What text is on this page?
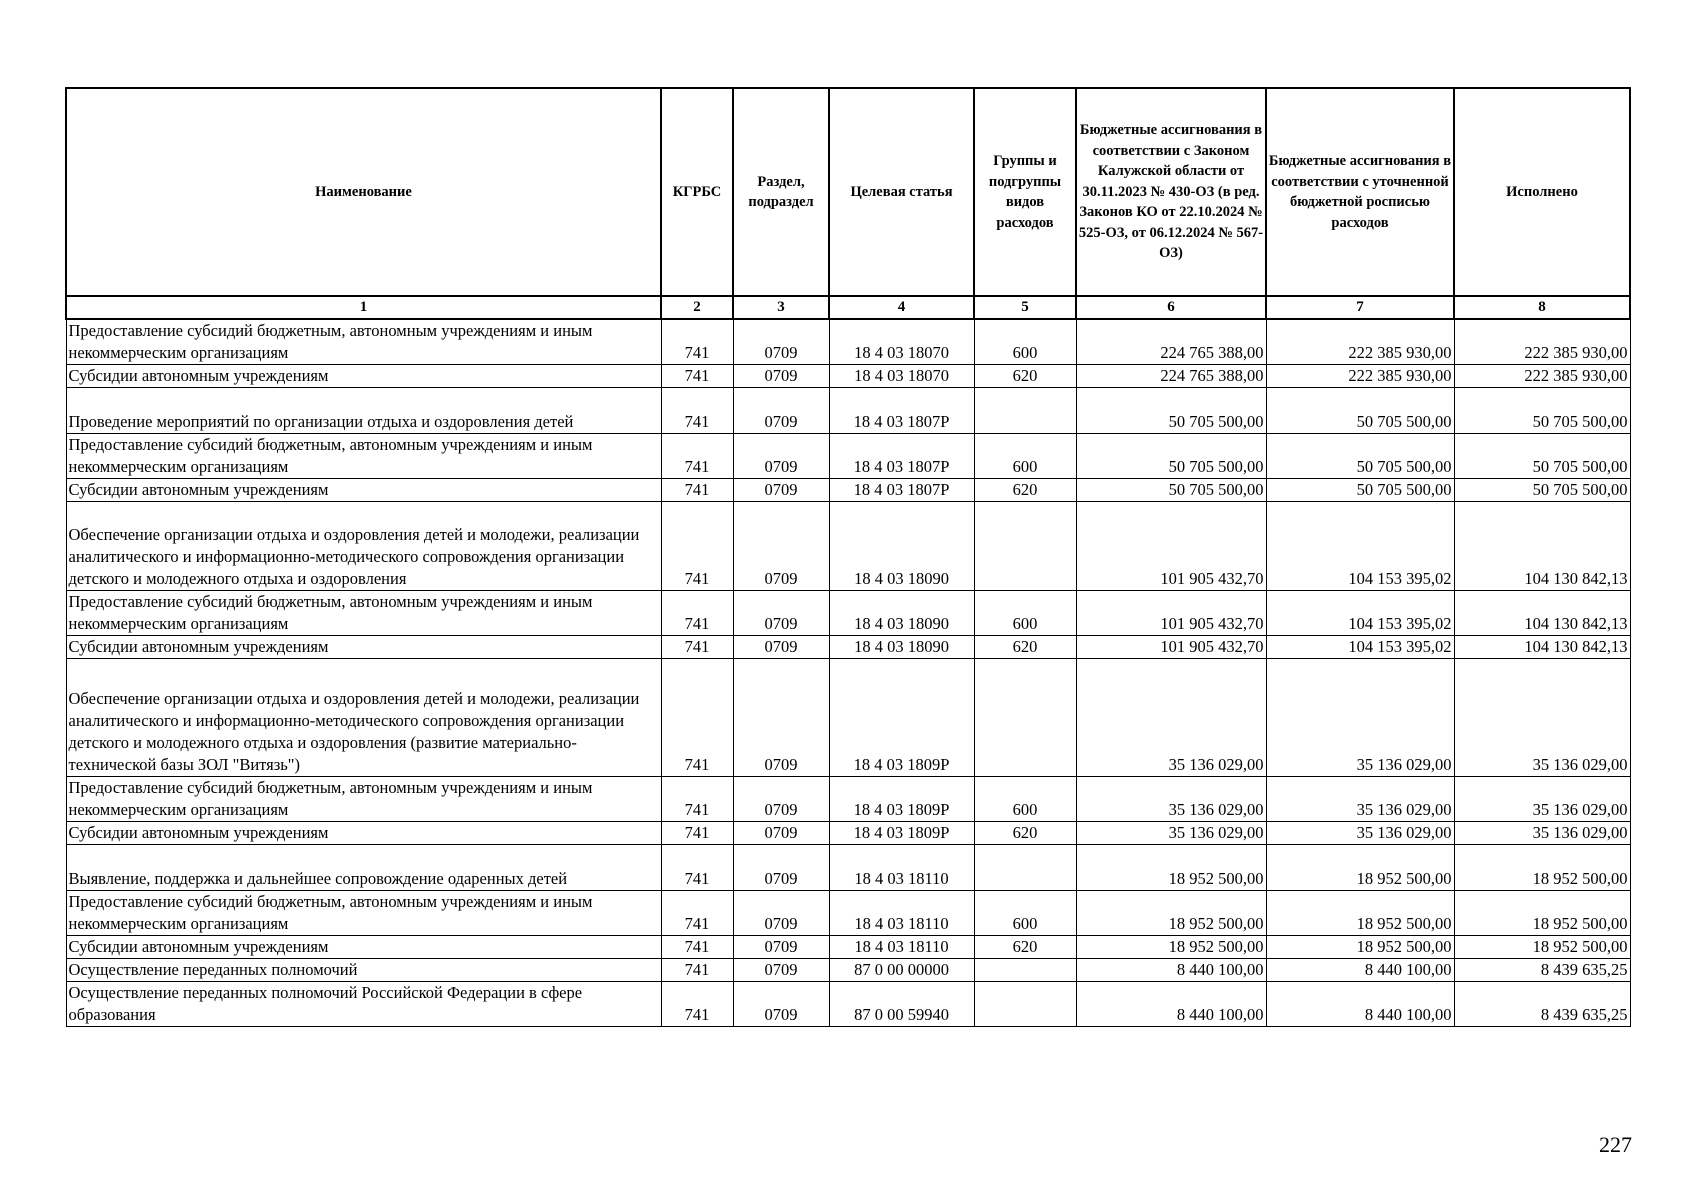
Наименование	КГРБС	Раздел, подраздел	Целевая статья	Группы и подгруппы видов расходов	Бюджетные ассигнования в соответствии с Законом Калужской области от 30.11.2023 № 430-ОЗ (в ред. Законов КО от 22.10.2024 № 525-ОЗ, от 06.12.2024 № 567-ОЗ)	Бюджетные ассигнования в соответствии с уточненной бюджетной росписью расходов	Исполнено
1	2	3	4	5	6	7	8
Предоставление субсидий бюджетным, автономным учреждениям и иным некоммерческим организациям	741	0709	18 4 03 18070	600	224 765 388,00	222 385 930,00	222 385 930,00
Субсидии автономным учреждениям	741	0709	18 4 03 18070	620	224 765 388,00	222 385 930,00	222 385 930,00
Проведение мероприятий по организации отдыха и оздоровления детей	741	0709	18 4 03 1807Р		50 705 500,00	50 705 500,00	50 705 500,00
Предоставление субсидий бюджетным, автономным учреждениям и иным некоммерческим организациям	741	0709	18 4 03 1807Р	600	50 705 500,00	50 705 500,00	50 705 500,00
Субсидии автономным учреждениям	741	0709	18 4 03 1807Р	620	50 705 500,00	50 705 500,00	50 705 500,00
Обеспечение организации отдыха и оздоровления детей и молодежи, реализации аналитического и информационно-методического сопровождения организации детского и молодежного отдыха и оздоровления	741	0709	18 4 03 18090		101 905 432,70	104 153 395,02	104 130 842,13
Предоставление субсидий бюджетным, автономным учреждениям и иным некоммерческим организациям	741	0709	18 4 03 18090	600	101 905 432,70	104 153 395,02	104 130 842,13
Субсидии автономным учреждениям	741	0709	18 4 03 18090	620	101 905 432,70	104 153 395,02	104 130 842,13
Обеспечение организации отдыха и оздоровления детей и молодежи, реализации аналитического и информационно-методического сопровождения организации детского и молодежного отдыха и оздоровления (развитие материально-технической базы ЗОЛ "Витязь")	741	0709	18 4 03 1809Р		35 136 029,00	35 136 029,00	35 136 029,00
Предоставление субсидий бюджетным, автономным учреждениям и иным некоммерческим организациям	741	0709	18 4 03 1809Р	600	35 136 029,00	35 136 029,00	35 136 029,00
Субсидии автономным учреждениям	741	0709	18 4 03 1809Р	620	35 136 029,00	35 136 029,00	35 136 029,00
Выявление, поддержка и дальнейшее сопровождение одаренных детей	741	0709	18 4 03 18110		18 952 500,00	18 952 500,00	18 952 500,00
Предоставление субсидий бюджетным, автономным учреждениям и иным некоммерческим организациям	741	0709	18 4 03 18110	600	18 952 500,00	18 952 500,00	18 952 500,00
Субсидии автономным учреждениям	741	0709	18 4 03 18110	620	18 952 500,00	18 952 500,00	18 952 500,00
Осуществление переданных полномочий	741	0709	87 0 00 00000		8 440 100,00	8 440 100,00	8 439 635,25
Осуществление переданных полномочий Российской Федерации в сфере образования	741	0709	87 0 00 59940		8 440 100,00	8 440 100,00	8 439 635,25
227
